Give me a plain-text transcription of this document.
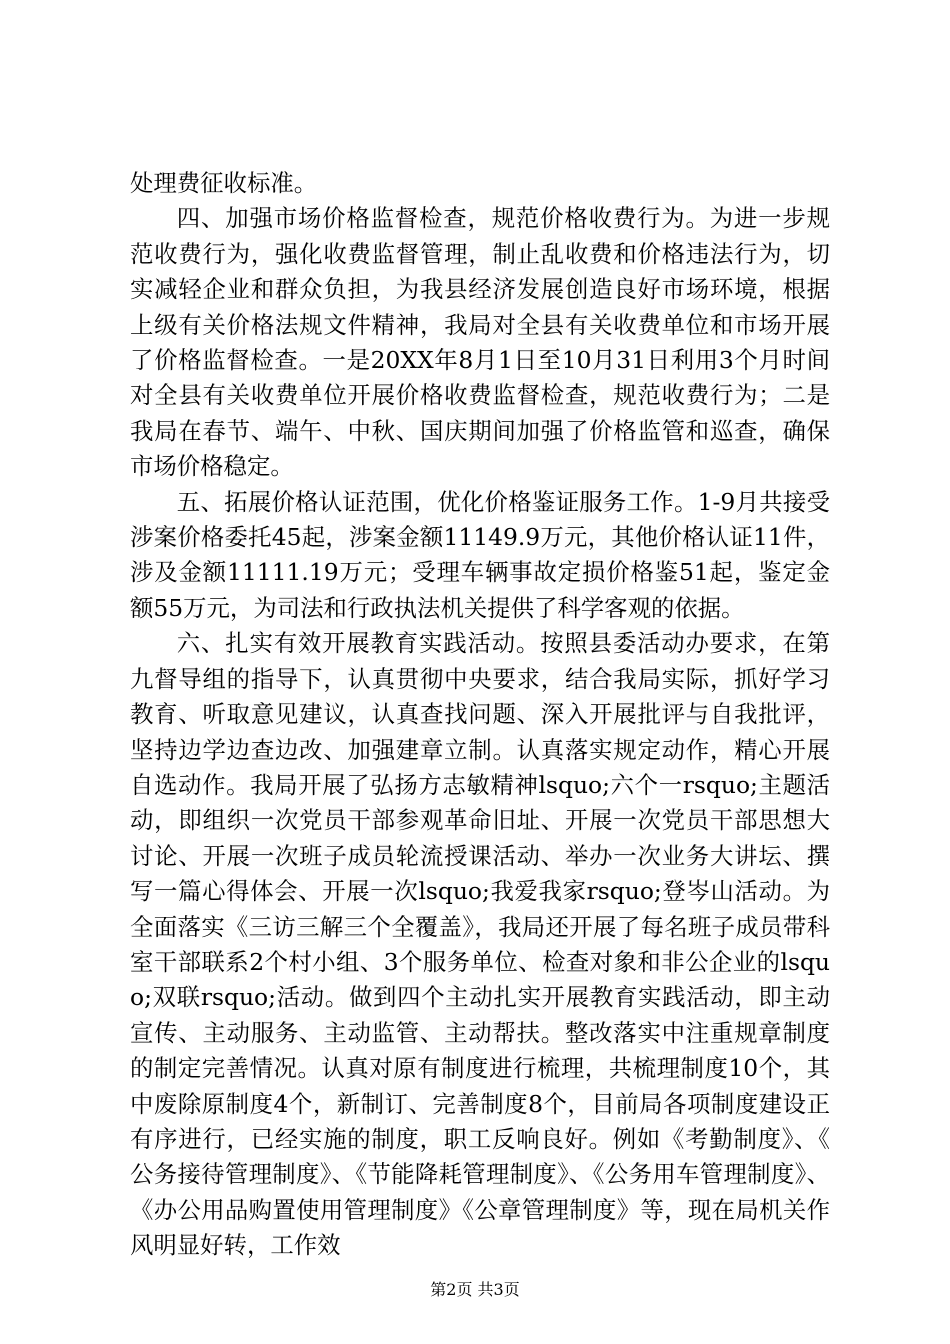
处理费征收标准。

四、加强市场价格监督检查，规范价格收费行为。为进一步规范收费行为，强化收费监督管理，制止乱收费和价格违法行为，切实减轻企业和群众负担，为我县经济发展创造良好市场环境，根据上级有关价格法规文件精神，我局对全县有关收费单位和市场开展了价格监督检查。一是20XX年8月1日至10月31日利用3个月时间对全县有关收费单位开展价格收费监督检查，规范收费行为；二是我局在春节、端午、中秋、国庆期间加强了价格监管和巡查，确保市场价格稳定。

五、拓展价格认证范围，优化价格鉴证服务工作。1-9月共接受涉案价格委托45起，涉案金额11149.9万元，其他价格认证11件，涉及金额11111.19万元；受理车辆事故定损价格鉴51起，鉴定金额55万元，为司法和行政执法机关提供了科学客观的依据。

六、扎实有效开展教育实践活动。按照县委活动办要求，在第九督导组的指导下，认真贯彻中央要求，结合我局实际，抓好学习教育、听取意见建议，认真查找问题、深入开展批评与自我批评，坚持边学边查边改、加强建章立制。认真落实规定动作，精心开展自选动作。我局开展了弘扬方志敏精神lsquo;六个一rsquo;主题活动，即组织一次党员干部参观革命旧址、开展一次党员干部思想大讨论、开展一次班子成员轮流授课活动、举办一次业务大讲坛、撰写一篇心得体会、开展一次lsquo;我爱我家rsquo;登岑山活动。为全面落实《三访三解三个全覆盖》，我局还开展了每名班子成员带科室干部联系2个村小组、3个服务单位、检查对象和非公企业的lsquo;双联rsquo;活动。做到四个主动扎实开展教育实践活动，即主动宣传、主动服务、主动监管、主动帮扶。整改落实中注重规章制度的制定完善情况。认真对原有制度进行梳理，共梳理制度10个，其中废除原制度4个，新制订、完善制度8个，目前局各项制度建设正有序进行，已经实施的制度，职工反响良好。例如《考勤制度》、《公务接待管理制度》、《节能降耗管理制度》、《公务用车管理制度》、《办公用品购置使用管理制度》《公章管理制度》等，现在局机关作风明显好转，工作效

第2页 共3页
